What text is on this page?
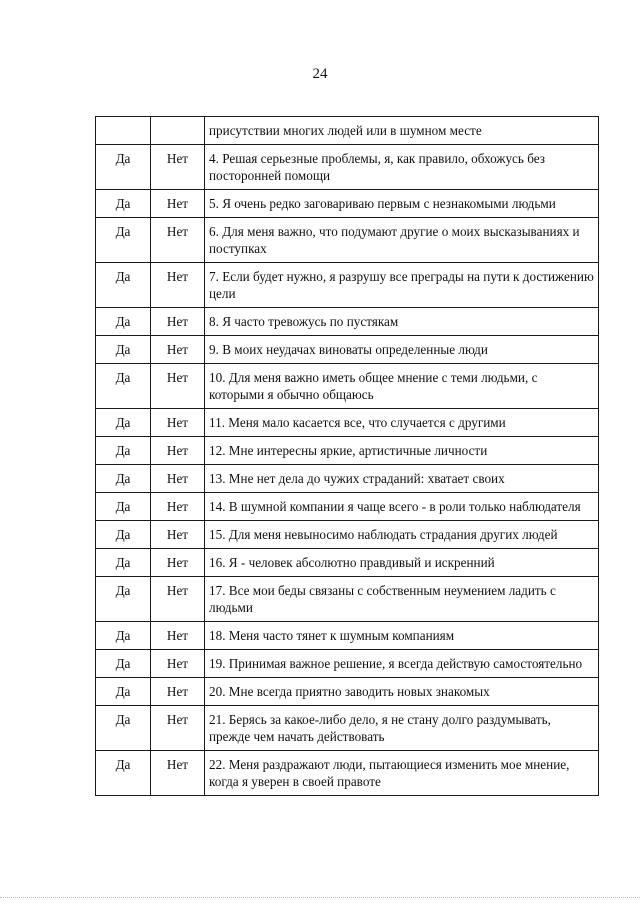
24
		присутствии многих людей или в шумном месте
Да	Нет	4. Решая серьезные проблемы, я, как правило, обхожусь без посторонней помощи
Да	Нет	5. Я очень редко заговариваю первым с незнакомыми людьми
Да	Нет	6. Для меня важно, что подумают другие о моих высказываниях и поступках
Да	Нет	7. Если будет нужно, я разрушу все преграды на пути к достижению цели
Да	Нет	8. Я часто тревожусь по пустякам
Да	Нет	9. В моих неудачах виноваты определенные люди
Да	Нет	10. Для меня важно иметь общее мнение с теми людьми, с которыми я обычно общаюсь
Да	Нет	11. Меня мало касается все, что случается с другими
Да	Нет	12. Мне интересны яркие, артистичные личности
Да	Нет	13. Мне нет дела до чужих страданий: хватает своих
Да	Нет	14. В шумной компании я чаще всего - в роли только наблюдателя
Да	Нет	15. Для меня невыносимо наблюдать страдания других людей
Да	Нет	16. Я - человек абсолютно правдивый и искренний
Да	Нет	17. Все мои беды связаны с собственным неумением ладить с людьми
Да	Нет	18. Меня часто тянет к шумным компаниям
Да	Нет	19. Принимая важное решение, я всегда действую самостоятельно
Да	Нет	20. Мне всегда приятно заводить новых знакомых
Да	Нет	21. Берясь за какое-либо дело, я не стану долго раздумывать, прежде чем начать действовать
Да	Нет	22. Меня раздражают люди, пытающиеся изменить мое мнение, когда я уверен в своей правоте
